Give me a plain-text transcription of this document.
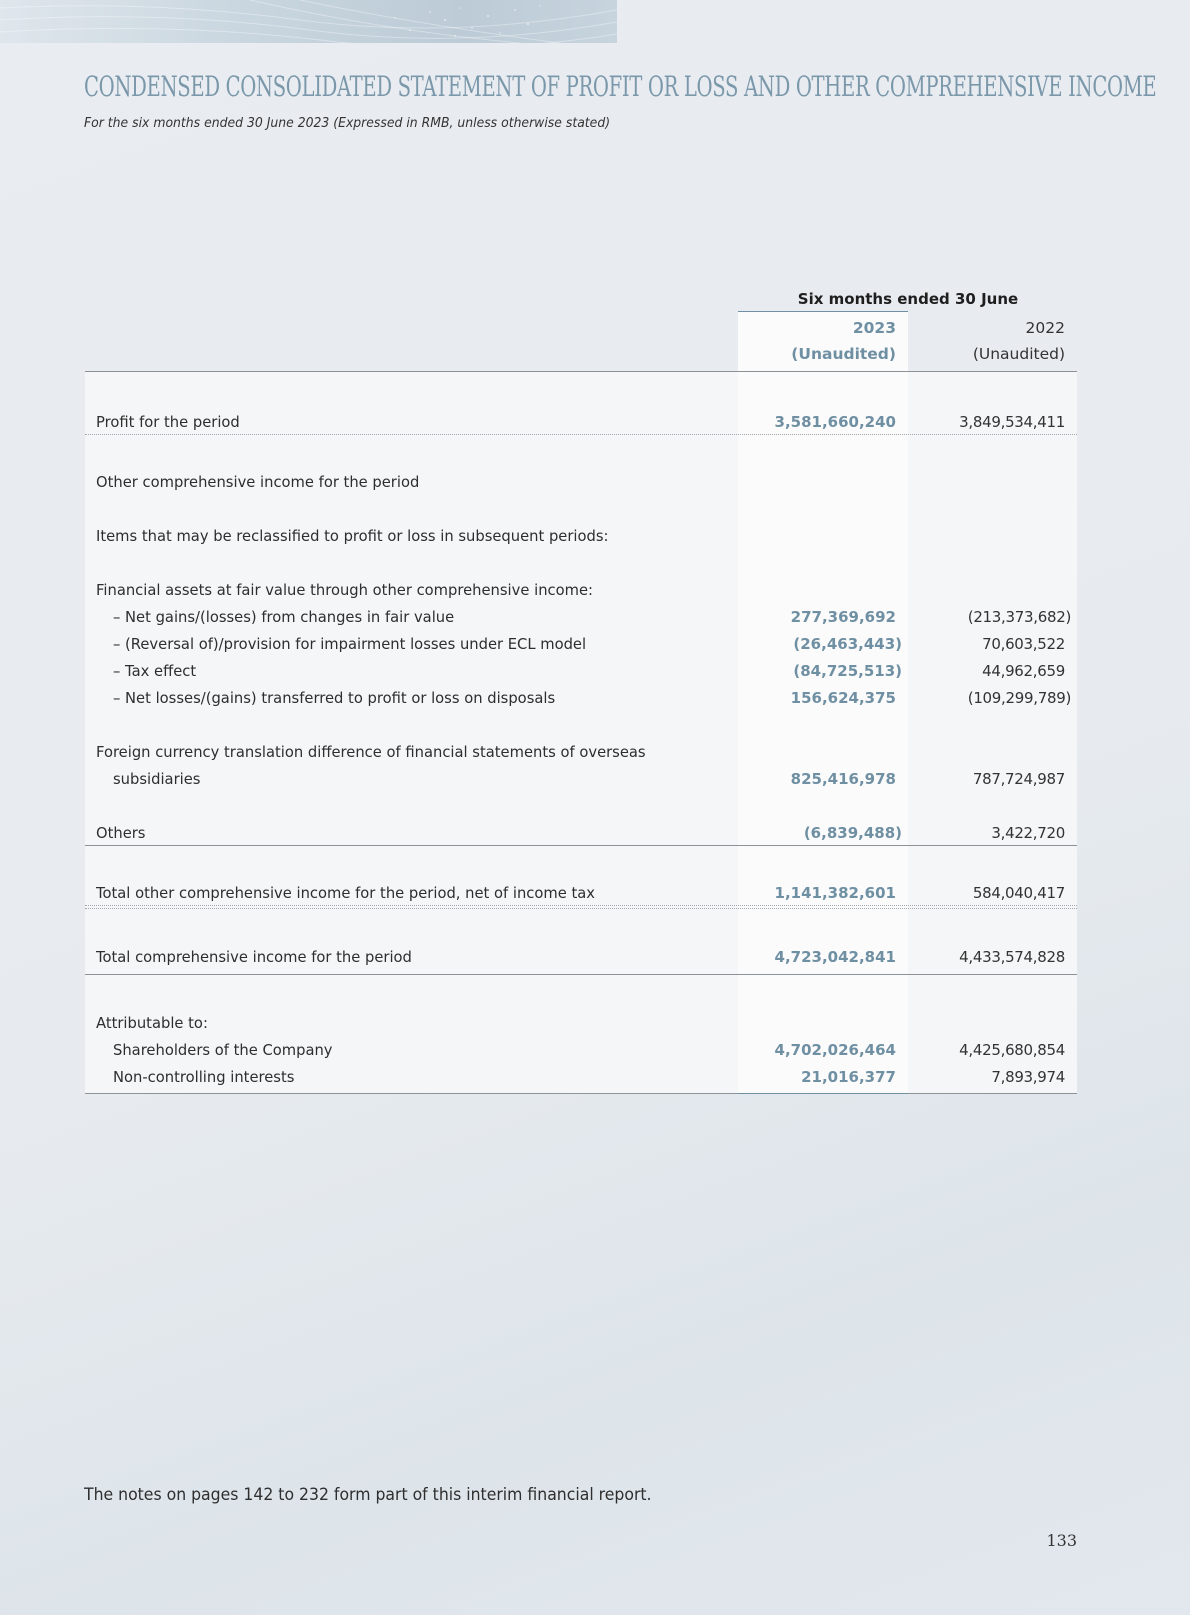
CONDENSED CONSOLIDATED STATEMENT OF PROFIT OR LOSS AND OTHER COMPREHENSIVE INCOME
For the six months ended 30 June 2023 (Expressed in RMB, unless otherwise stated)
Six months ended 30 June
2023	2022
(Unaudited)	(Unaudited)
Profit for the period	3,581,660,240	3,849,534,411
Other comprehensive income for the period
Items that may be reclassified to profit or loss in subsequent periods:
Financial assets at fair value through other comprehensive income:
– Net gains/(losses) from changes in fair value	277,369,692	(213,373,682)
– (Reversal of)/provision for impairment losses under ECL model	(26,463,443)	70,603,522
– Tax effect	(84,725,513)	44,962,659
– Net losses/(gains) transferred to profit or loss on disposals	156,624,375	(109,299,789)
Foreign currency translation difference of financial statements of overseas
subsidiaries	825,416,978	787,724,987
Others	(6,839,488)	3,422,720
Total other comprehensive income for the period, net of income tax	1,141,382,601	584,040,417
Total comprehensive income for the period	4,723,042,841	4,433,574,828
Attributable to:
Shareholders of the Company	4,702,026,464	4,425,680,854
Non-controlling interests	21,016,377	7,893,974
The notes on pages 142 to 232 form part of this interim financial report.
133
